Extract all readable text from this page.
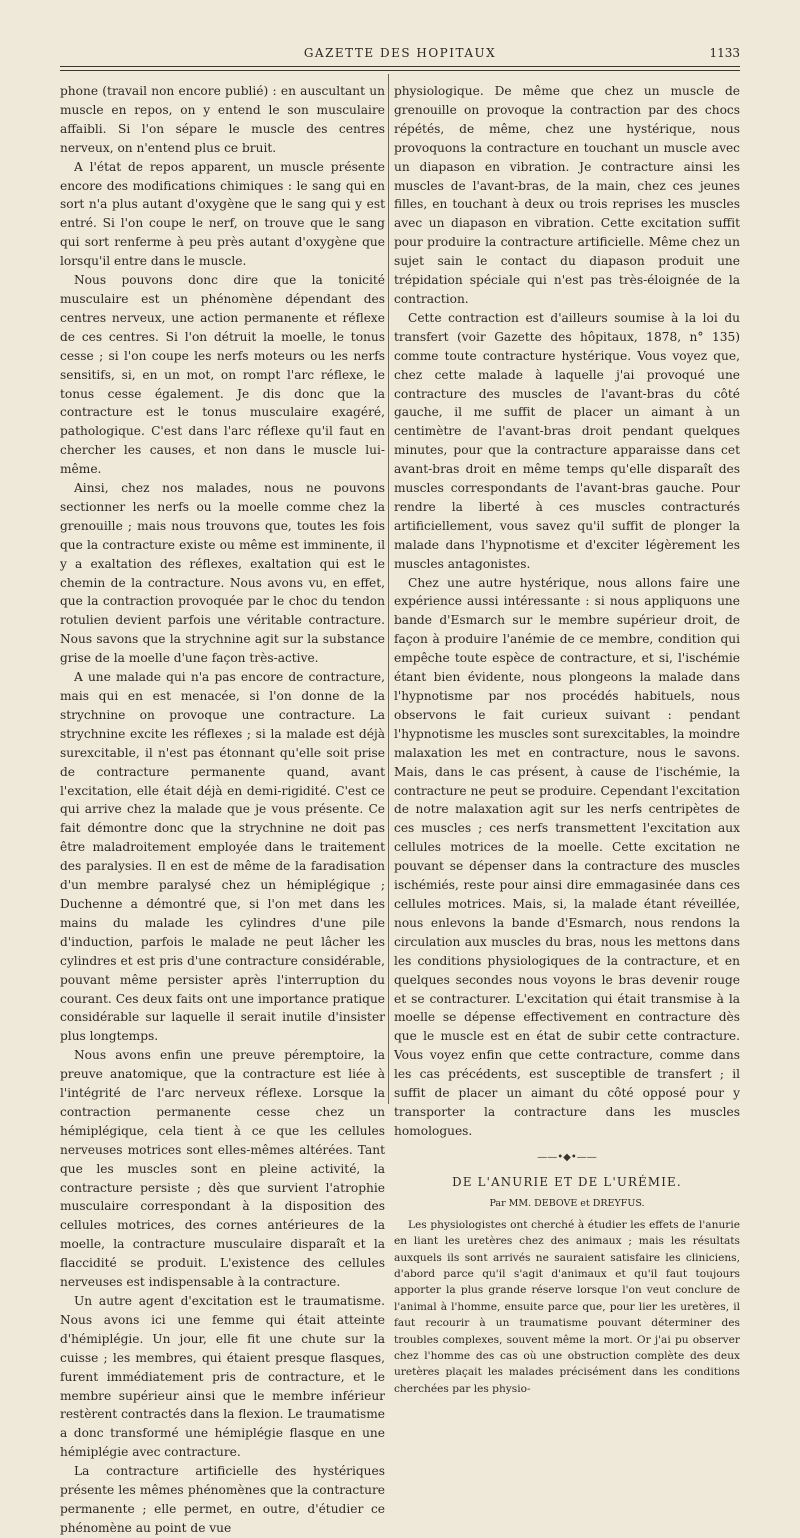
GAZETTE DES HOPITAUX	1133

phone (travail non encore publié) : en auscultant un muscle en repos, on y entend le son musculaire affaibli. Si l'on sépare le muscle des centres nerveux, on n'entend plus ce bruit.

A l'état de repos apparent, un muscle présente encore des modifications chimiques : le sang qui en sort n'a plus autant d'oxygène que le sang qui y est entré. Si l'on coupe le nerf, on trouve que le sang qui sort renferme à peu près autant d'oxygène que lorsqu'il entre dans le muscle.

Nous pouvons donc dire que la tonicité musculaire est un phénomène dépendant des centres nerveux, une action permanente et réflexe de ces centres. Si l'on détruit la moelle, le tonus cesse ; si l'on coupe les nerfs moteurs ou les nerfs sensitifs, si, en un mot, on rompt l'arc réflexe, le tonus cesse également. Je dis donc que la contracture est le tonus musculaire exagéré, pathologique. C'est dans l'arc réflexe qu'il faut en chercher les causes, et non dans le muscle lui-même.

Ainsi, chez nos malades, nous ne pouvons sectionner les nerfs ou la moelle comme chez la grenouille ; mais nous trouvons que, toutes les fois que la contracture existe ou même est imminente, il y a exaltation des réflexes, exaltation qui est le chemin de la contracture. Nous avons vu, en effet, que la contraction provoquée par le choc du tendon rotulien devient parfois une véritable contracture. Nous savons que la strychnine agit sur la substance grise de la moelle d'une façon très-active.

A une malade qui n'a pas encore de contracture, mais qui en est menacée, si l'on donne de la strychnine on provoque une contracture. La strychnine excite les réflexes ; si la malade est déjà surexcitable, il n'est pas étonnant qu'elle soit prise de contracture permanente quand, avant l'excitation, elle était déjà en demi-rigidité. C'est ce qui arrive chez la malade que je vous présente. Ce fait démontre donc que la strychnine ne doit pas être maladroitement employée dans le traitement des paralysies. Il en est de même de la faradisation d'un membre paralysé chez un hémiplégique ; Duchenne a démontré que, si l'on met dans les mains du malade les cylindres d'une pile d'induction, parfois le malade ne peut lâcher les cylindres et est pris d'une contracture considérable, pouvant même persister après l'interruption du courant. Ces deux faits ont une importance pratique considérable sur laquelle il serait inutile d'insister plus longtemps.

Nous avons enfin une preuve péremptoire, la preuve anatomique, que la contracture est liée à l'intégrité de l'arc nerveux réflexe. Lorsque la contraction permanente cesse chez un hémiplégique, cela tient à ce que les cellules nerveuses motrices sont elles-mêmes altérées. Tant que les muscles sont en pleine activité, la contracture persiste ; dès que survient l'atrophie musculaire correspondant à la disposition des cellules motrices, des cornes antérieures de la moelle, la contracture musculaire disparaît et la flaccidité se produit. L'existence des cellules nerveuses est indispensable à la contracture.

Un autre agent d'excitation est le traumatisme. Nous avons ici une femme qui était atteinte d'hémiplégie. Un jour, elle fit une chute sur la cuisse ; les membres, qui étaient presque flasques, furent immédiatement pris de contracture, et le membre supérieur ainsi que le membre inférieur restèrent contractés dans la flexion. Le traumatisme a donc transformé une hémiplégie flasque en une hémiplégie avec contracture.

La contracture artificielle des hystériques présente les mêmes phénomènes que la contracture permanente ; elle permet, en outre, d'étudier ce phénomène au point de vue

physiologique. De même que chez un muscle de grenouille on provoque la contraction par des chocs répétés, de même, chez une hystérique, nous provoquons la contracture en touchant un muscle avec un diapason en vibration. Je contracture ainsi les muscles de l'avant-bras, de la main, chez ces jeunes filles, en touchant à deux ou trois reprises les muscles avec un diapason en vibration. Cette excitation suffit pour produire la contracture artificielle. Même chez un sujet sain le contact du diapason produit une trépidation spéciale qui n'est pas très-éloignée de la contraction.

Cette contraction est d'ailleurs soumise à la loi du transfert (voir Gazette des hôpitaux, 1878, n° 135) comme toute contracture hystérique. Vous voyez que, chez cette malade à laquelle j'ai provoqué une contracture des muscles de l'avant-bras du côté gauche, il me suffit de placer un aimant à un centimètre de l'avant-bras droit pendant quelques minutes, pour que la contracture apparaisse dans cet avant-bras droit en même temps qu'elle disparaît des muscles correspondants de l'avant-bras gauche. Pour rendre la liberté à ces muscles contracturés artificiellement, vous savez qu'il suffit de plonger la malade dans l'hypnotisme et d'exciter légèrement les muscles antagonistes.

Chez une autre hystérique, nous allons faire une expérience aussi intéressante : si nous appliquons une bande d'Esmarch sur le membre supérieur droit, de façon à produire l'anémie de ce membre, condition qui empêche toute espèce de contracture, et si, l'ischémie étant bien évidente, nous plongeons la malade dans l'hypnotisme par nos procédés habituels, nous observons le fait curieux suivant : pendant l'hypnotisme les muscles sont surexcitables, la moindre malaxation les met en contracture, nous le savons. Mais, dans le cas présent, à cause de l'ischémie, la contracture ne peut se produire. Cependant l'excitation de notre malaxation agit sur les nerfs centripètes de ces muscles ; ces nerfs transmettent l'excitation aux cellules motrices de la moelle. Cette excitation ne pouvant se dépenser dans la contracture des muscles ischémiés, reste pour ainsi dire emmagasinée dans ces cellules motrices. Mais, si, la malade étant réveillée, nous enlevons la bande d'Esmarch, nous rendons la circulation aux muscles du bras, nous les mettons dans les conditions physiologiques de la contracture, et en quelques secondes nous voyons le bras devenir rouge et se contracturer. L'excitation qui était transmise à la moelle se dépense effectivement en contracture dès que le muscle est en état de subir cette contracture. Vous voyez enfin que cette contracture, comme dans les cas précédents, est susceptible de transfert ; il suffit de placer un aimant du côté opposé pour y transporter la contracture dans les muscles homologues.

——•◆•——
DE L'ANURIE ET DE L'URÉMIE.
Par MM. DEBOVE et DREYFUS.

Les physiologistes ont cherché à étudier les effets de l'anurie en liant les uretères chez des animaux ; mais les résultats auxquels ils sont arrivés ne sauraient satisfaire les cliniciens, d'abord parce qu'il s'agit d'animaux et qu'il faut toujours apporter la plus grande réserve lorsque l'on veut conclure de l'animal à l'homme, ensuite parce que, pour lier les uretères, il faut recourir à un traumatisme pouvant déterminer des troubles complexes, souvent même la mort. Or j'ai pu observer chez l'homme des cas où une obstruction complète des deux uretères plaçait les malades précisément dans les conditions cherchées par les physio-
